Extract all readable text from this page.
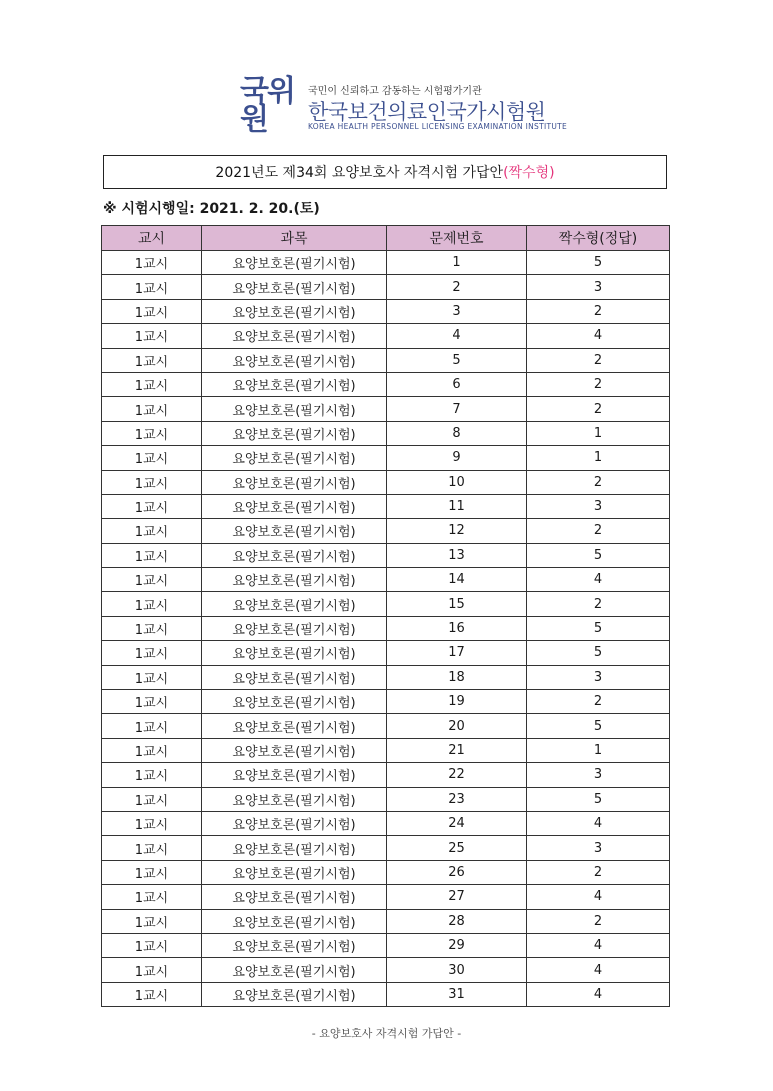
국위
원
국민이 신뢰하고 감동하는 시험평가기관
한국보건의료인국가시험원
KOREA HEALTH PERSONNEL LICENSING EXAMINATION INSTITUTE
2021년도 제34회 요양보호사 자격시험 가답안 (짝수형)
※ 시험시행일: 2021. 2. 20.(토)
교시	과목	문제번호	짝수형(정답)
1교시	요양보호론(필기시험)	1	5
1교시	요양보호론(필기시험)	2	3
1교시	요양보호론(필기시험)	3	2
1교시	요양보호론(필기시험)	4	4
1교시	요양보호론(필기시험)	5	2
1교시	요양보호론(필기시험)	6	2
1교시	요양보호론(필기시험)	7	2
1교시	요양보호론(필기시험)	8	1
1교시	요양보호론(필기시험)	9	1
1교시	요양보호론(필기시험)	10	2
1교시	요양보호론(필기시험)	11	3
1교시	요양보호론(필기시험)	12	2
1교시	요양보호론(필기시험)	13	5
1교시	요양보호론(필기시험)	14	4
1교시	요양보호론(필기시험)	15	2
1교시	요양보호론(필기시험)	16	5
1교시	요양보호론(필기시험)	17	5
1교시	요양보호론(필기시험)	18	3
1교시	요양보호론(필기시험)	19	2
1교시	요양보호론(필기시험)	20	5
1교시	요양보호론(필기시험)	21	1
1교시	요양보호론(필기시험)	22	3
1교시	요양보호론(필기시험)	23	5
1교시	요양보호론(필기시험)	24	4
1교시	요양보호론(필기시험)	25	3
1교시	요양보호론(필기시험)	26	2
1교시	요양보호론(필기시험)	27	4
1교시	요양보호론(필기시험)	28	2
1교시	요양보호론(필기시험)	29	4
1교시	요양보호론(필기시험)	30	4
1교시	요양보호론(필기시험)	31	4
- 요양보호사 자격시험 가답안 -
